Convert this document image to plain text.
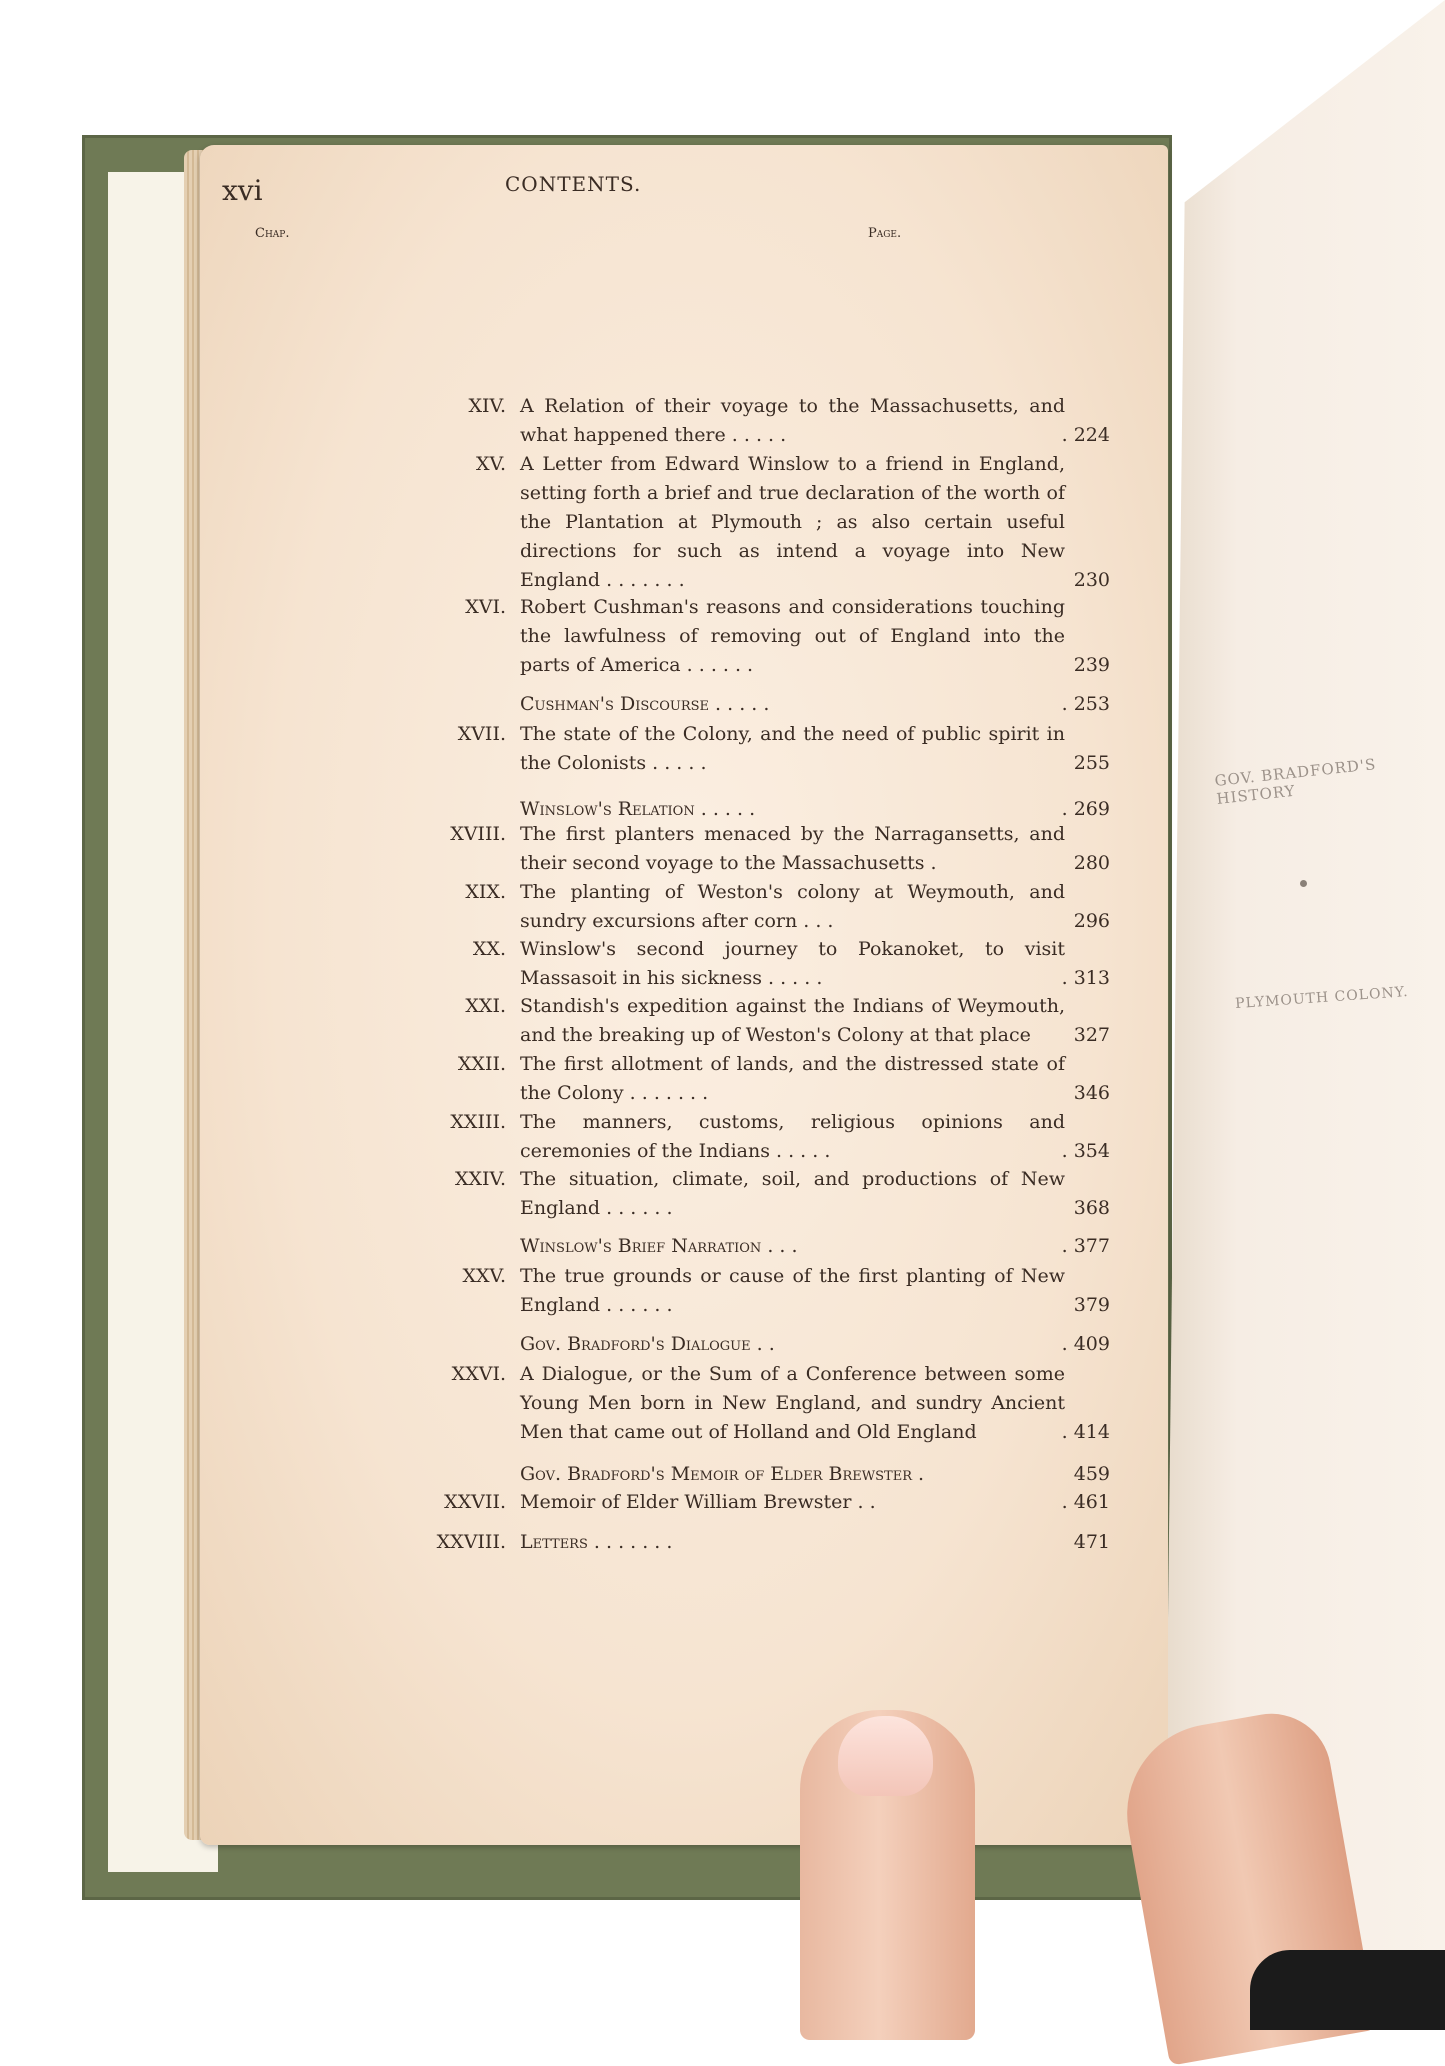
xvi	CONTENTS.
Chap.	Page.
XIV. A Relation of their voyage to the Massachusetts, and what happened there . . . . .	. 224
XV. A Letter from Edward Winslow to a friend in England, setting forth a brief and true declaration of the worth of the Plantation at Plymouth ; as also certain useful directions for such as intend a voyage into New England . . . . . . .	230
XVI. Robert Cushman's reasons and considerations touching the lawfulness of removing out of England into the parts of America . . . . . .	239
Cushman's Discourse . . . . .	. 253
XVII. The state of the Colony, and the need of public spirit in the Colonists . . . . .	255
Winslow's Relation . . . . .	. 269
XVIII. The first planters menaced by the Narragansetts, and their second voyage to the Massachusetts .	280
XIX. The planting of Weston's colony at Weymouth, and sundry excursions after corn . . .	296
XX. Winslow's second journey to Pokanoket, to visit Massasoit in his sickness . . . . .	. 313
XXI. Standish's expedition against the Indians of Weymouth, and the breaking up of Weston's Colony at that place	327
XXII. The first allotment of lands, and the distressed state of the Colony . . . . . . .	346
XXIII. The manners, customs, religious opinions and ceremonies of the Indians . . . . .	. 354
XXIV. The situation, climate, soil, and productions of New England . . . . . .	368
Winslow's Brief Narration . . .	. 377
XXV. The true grounds or cause of the first planting of New England . . . . . .	379
Gov. Bradford's Dialogue . .	. 409
XXVI. A Dialogue, or the Sum of a Conference between some Young Men born in New England, and sundry Ancient Men that came out of Holland and Old England	. 414
Gov. Bradford's Memoir of Elder Brewster .	459
XXVII. Memoir of Elder William Brewster . .	. 461
XXVIII. Letters . . . . . . .	471
GOV. BRADFORD'S HISTORY
PLYMOUTH COLONY.
